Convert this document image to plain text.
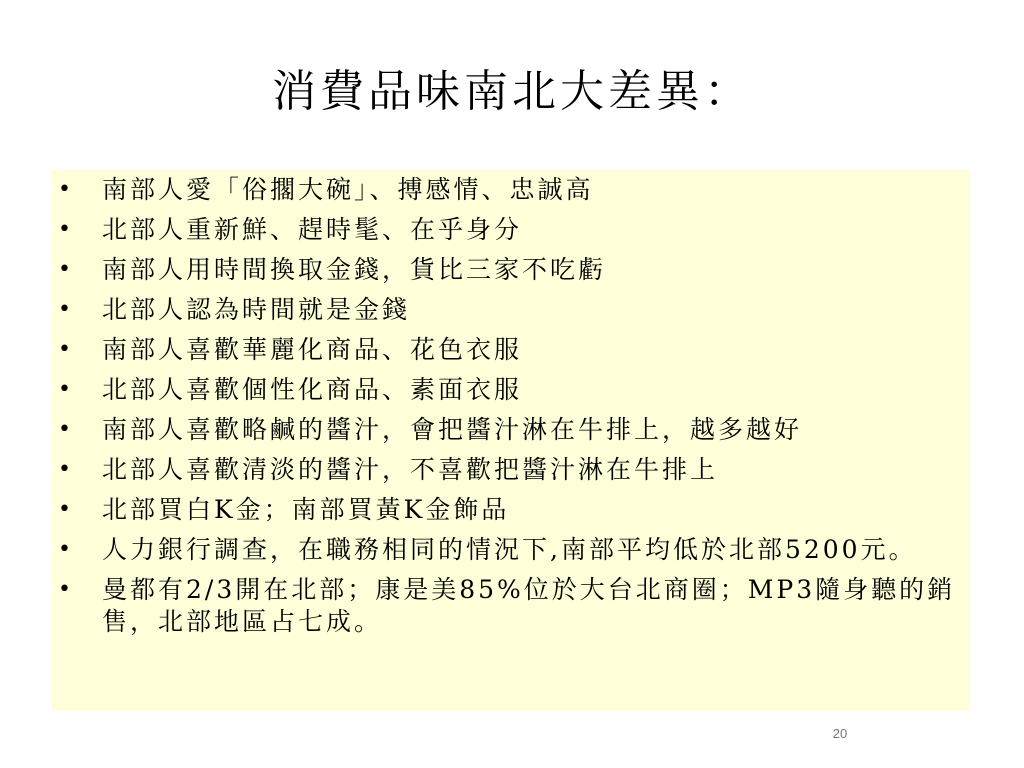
消費品味南北大差異：
• 南部人愛「俗擱大碗」、搏感情、忠誠高
• 北部人重新鮮、趕時髦、在乎身分
• 南部人用時間換取金錢，貨比三家不吃虧
• 北部人認為時間就是金錢
• 南部人喜歡華麗化商品、花色衣服
• 北部人喜歡個性化商品、素面衣服
• 南部人喜歡略鹹的醬汁，會把醬汁淋在牛排上，越多越好
• 北部人喜歡清淡的醬汁，不喜歡把醬汁淋在牛排上
• 北部買白K金；南部買黃K金飾品
• 人力銀行調查，在職務相同的情況下,南部平均低於北部5200元。
• 曼都有2/3開在北部；康是美85%位於大台北商圈；MP3隨身聽的銷售，北部地區占七成。
20
